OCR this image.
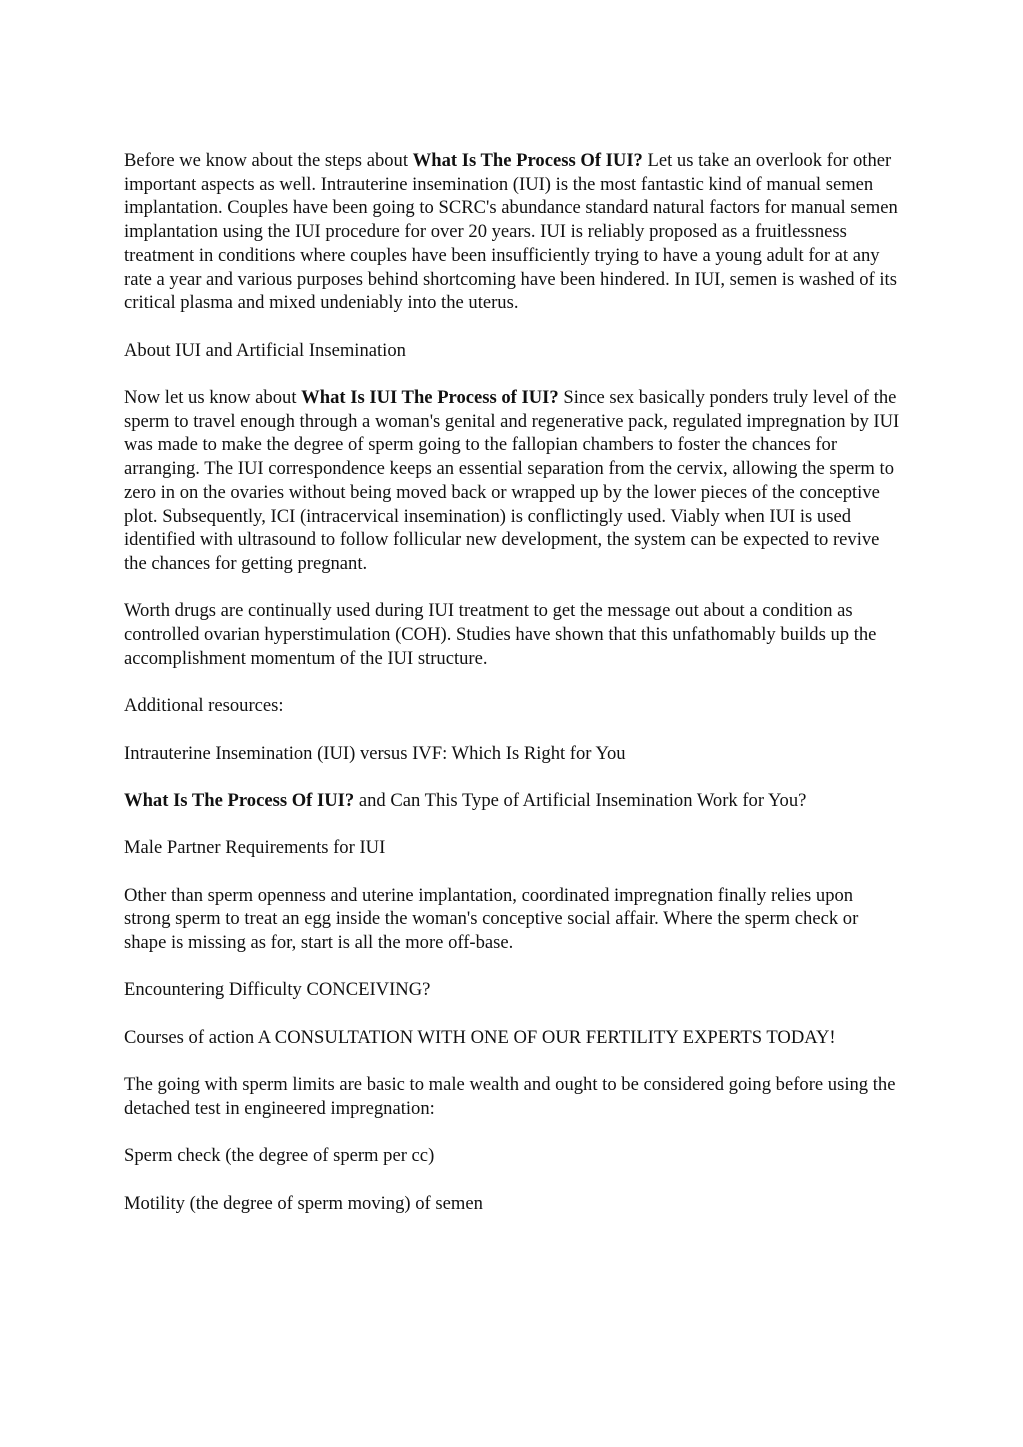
Before we know about the steps about What Is The Process Of IUI? Let us take an overlook for other important aspects as well. Intrauterine insemination (IUI) is the most fantastic kind of manual semen implantation. Couples have been going to SCRC's abundance standard natural factors for manual semen implantation using the IUI procedure for over 20 years. IUI is reliably proposed as a fruitlessness treatment in conditions where couples have been insufficiently trying to have a young adult for at any rate a year and various purposes behind shortcoming have been hindered. In IUI, semen is washed of its critical plasma and mixed undeniably into the uterus.

About IUI and Artificial Insemination

Now let us know about What Is IUI The Process of IUI? Since sex basically ponders truly level of the sperm to travel enough through a woman's genital and regenerative pack, regulated impregnation by IUI was made to make the degree of sperm going to the fallopian chambers to foster the chances for arranging. The IUI correspondence keeps an essential separation from the cervix, allowing the sperm to zero in on the ovaries without being moved back or wrapped up by the lower pieces of the conceptive plot. Subsequently, ICI (intracervical insemination) is conflictingly used. Viably when IUI is used identified with ultrasound to follow follicular new development, the system can be expected to revive the chances for getting pregnant.

Worth drugs are continually used during IUI treatment to get the message out about a condition as controlled ovarian hyperstimulation (COH). Studies have shown that this unfathomably builds up the accomplishment momentum of the IUI structure.

Additional resources:

Intrauterine Insemination (IUI) versus IVF: Which Is Right for You

What Is The Process Of IUI? and Can This Type of Artificial Insemination Work for You?

Male Partner Requirements for IUI

Other than sperm openness and uterine implantation, coordinated impregnation finally relies upon strong sperm to treat an egg inside the woman's conceptive social affair. Where the sperm check or shape is missing as for, start is all the more off-base.

Encountering Difficulty CONCEIVING?

Courses of action A CONSULTATION WITH ONE OF OUR FERTILITY EXPERTS TODAY!

The going with sperm limits are basic to male wealth and ought to be considered going before using the detached test in engineered impregnation:

Sperm check (the degree of sperm per cc)

Motility (the degree of sperm moving) of semen
